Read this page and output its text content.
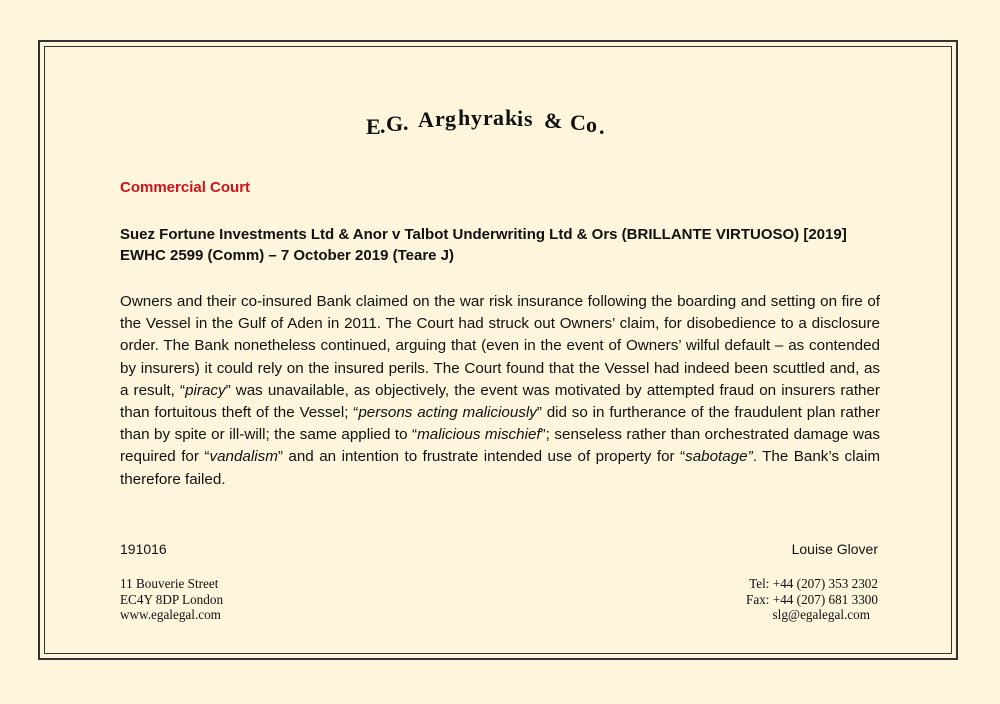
E . G .
A r g h y r a k i s
&
C o .
Commercial Court
Suez Fortune Investments Ltd & Anor v Talbot Underwriting Ltd & Ors (BRILLANTE VIRTUOSO) [2019]
EWHC 2599 (Comm) – 7 October 2019 (Teare J)
Owners and their co-insured Bank claimed on the war risk insurance following the boarding and setting on fire of the Vessel in the Gulf of Aden in 2011. The Court had struck out Owners’ claim, for disobedience to a disclosure order. The Bank nonetheless continued, arguing that (even in the event of Owners’ wilful default – as contended by insurers) it could rely on the insured perils. The Court found that the Vessel had indeed been scuttled and, as a result, “piracy” was unavailable, as objectively, the event was motivated by attempted fraud on insurers rather than fortuitous theft of the Vessel; “persons acting maliciously” did so in furtherance of the fraudulent plan rather than by spite or ill-will; the same applied to “malicious mischief”; senseless rather than orchestrated damage was required for “vandalism” and an intention to frustrate intended use of property for “sabotage”. The Bank’s claim therefore failed.
191016	Louise Glover
11 Bouverie Street
EC4Y 8DP London
www.egalegal.com
Tel: +44 (207) 353 2302
Fax: +44 (207) 681 3300
slg@egalegal.com
